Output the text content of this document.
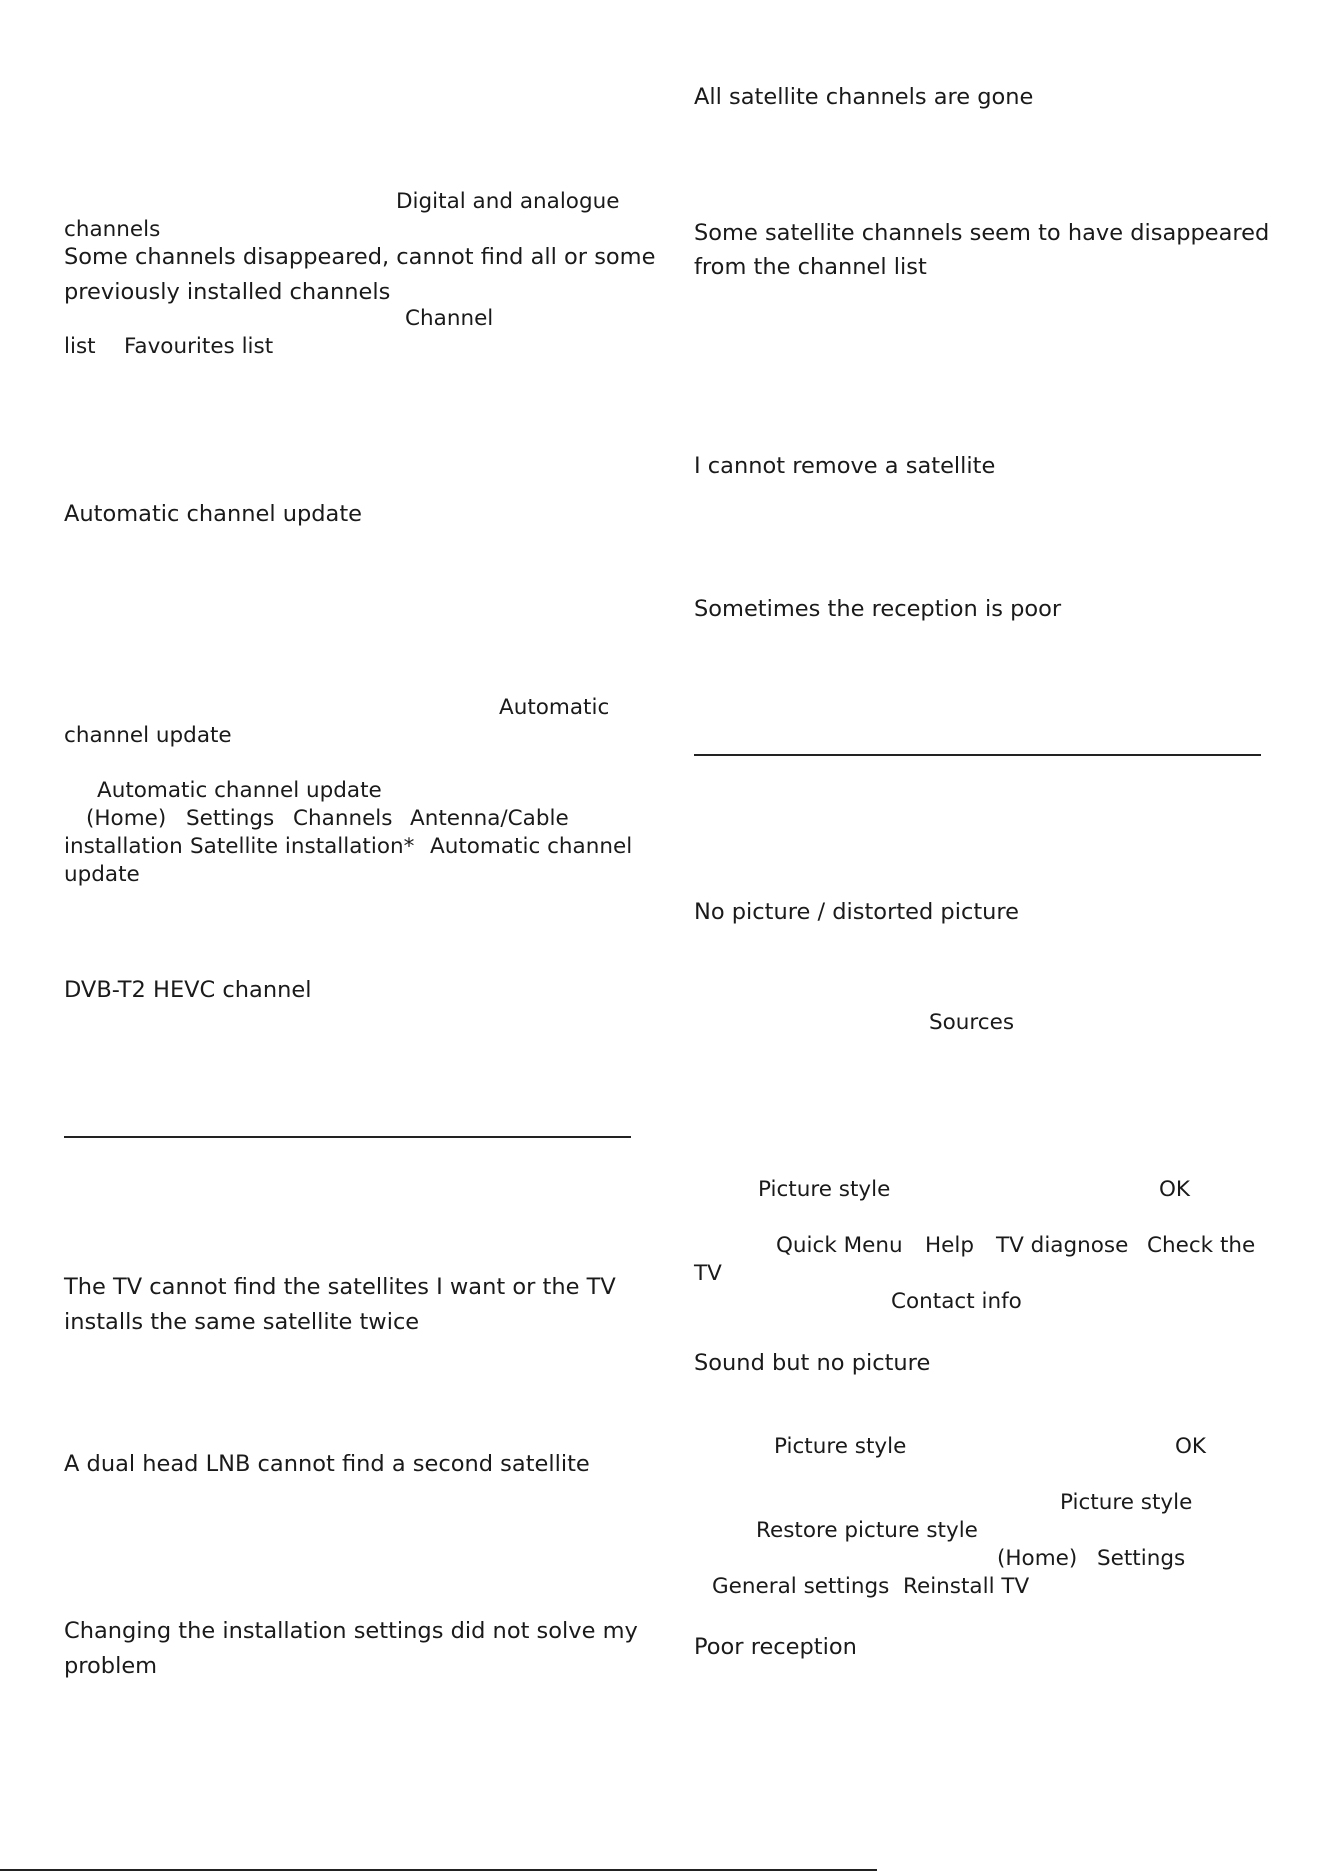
Digital and analogue

channels

Some channels disappeared, cannot find all or some

previously installed channels

Channel

list Favourites list

Automatic channel update

Automatic

channel update

Automatic channel update

(Home) Settings Channels Antenna/Cable

installation Satellite installation* Automatic channel

update

DVB-T2 HEVC channel

The TV cannot find the satellites I want or the TV

installs the same satellite twice

A dual head LNB cannot find a second satellite

Changing the installation settings did not solve my

problem

All satellite channels are gone

Some satellite channels seem to have disappeared

from the channel list

I cannot remove a satellite

Sometimes the reception is poor

No picture / distorted picture

Sources

Picture style	OK

Quick Menu Help TV diagnose Check the

TV

Contact info

Sound but no picture

Picture style	OK

Picture style

Restore picture style

(Home) Settings

General settings Reinstall TV

Poor reception
